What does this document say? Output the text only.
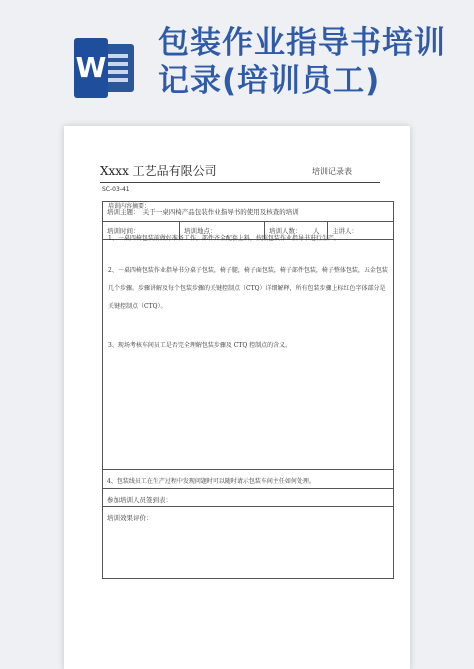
W
包装作业指导书培训记录(培训员工)
Xxxx 工艺品有限公司	培训记录表
SC-03-41
培训主题：　关于一桌四椅产品包装作业指导书的使用及核查的培训
培训时间：	培训地点：	培训人数：	人	主讲人：
培训内容摘要：
1、一桌四椅包装前做好准备工作，部件齐全配套上料，按照包装作业指导书进行生产。
2、一桌四椅包装作业指导书分桌子包装，椅子腿，椅子面包装，椅子部件包装，椅子整体包装，五金包装几个步骤。步骤讲解及每个包装步骤的关键控制点（CTQ）详细解释，所有包装步骤上标红色字体部分是关键控制点（CTQ）。
3、现场考核车间员工是否完全理解包装步骤及 CTQ 控制点的含义。
4、包装线员工在生产过程中发现问题时可以随时请示包装车间主任如何处理。
参加培训人员签到表：
培训效果评价：
